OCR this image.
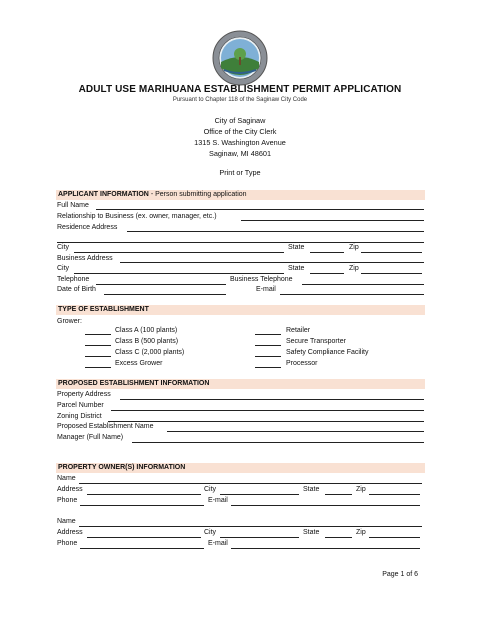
ADULT USE MARIHUANA ESTABLISHMENT PERMIT APPLICATION
Pursuant to Chapter 118 of the Saginaw City Code
City of Saginaw
Office of the City Clerk
1315 S. Washington Avenue
Saginaw, MI 48601
Print or Type
APPLICANT INFORMATION - Person submitting application
Full Name
Relationship to Business (ex. owner, manager, etc.)
Residence Address
City	State	Zip
Business Address
City	State	Zip
Telephone	Business Telephone
Date of Birth	E-mail
TYPE OF ESTABLISHMENT
Grower:
Class A (100 plants)
Class B (500 plants)
Class C (2,000 plants)
Excess Grower
Retailer
Secure Transporter
Safety Compliance Facility
Processor
PROPOSED ESTABLISHMENT INFORMATION
Property Address
Parcel Number
Zoning District
Proposed Establishment Name
Manager (Full Name)
PROPERTY OWNER(S) INFORMATION
Name
Address	City	State	Zip
Phone	E-mail
Name
Address	City	State	Zip
Phone	E-mail
Page 1 of 6
